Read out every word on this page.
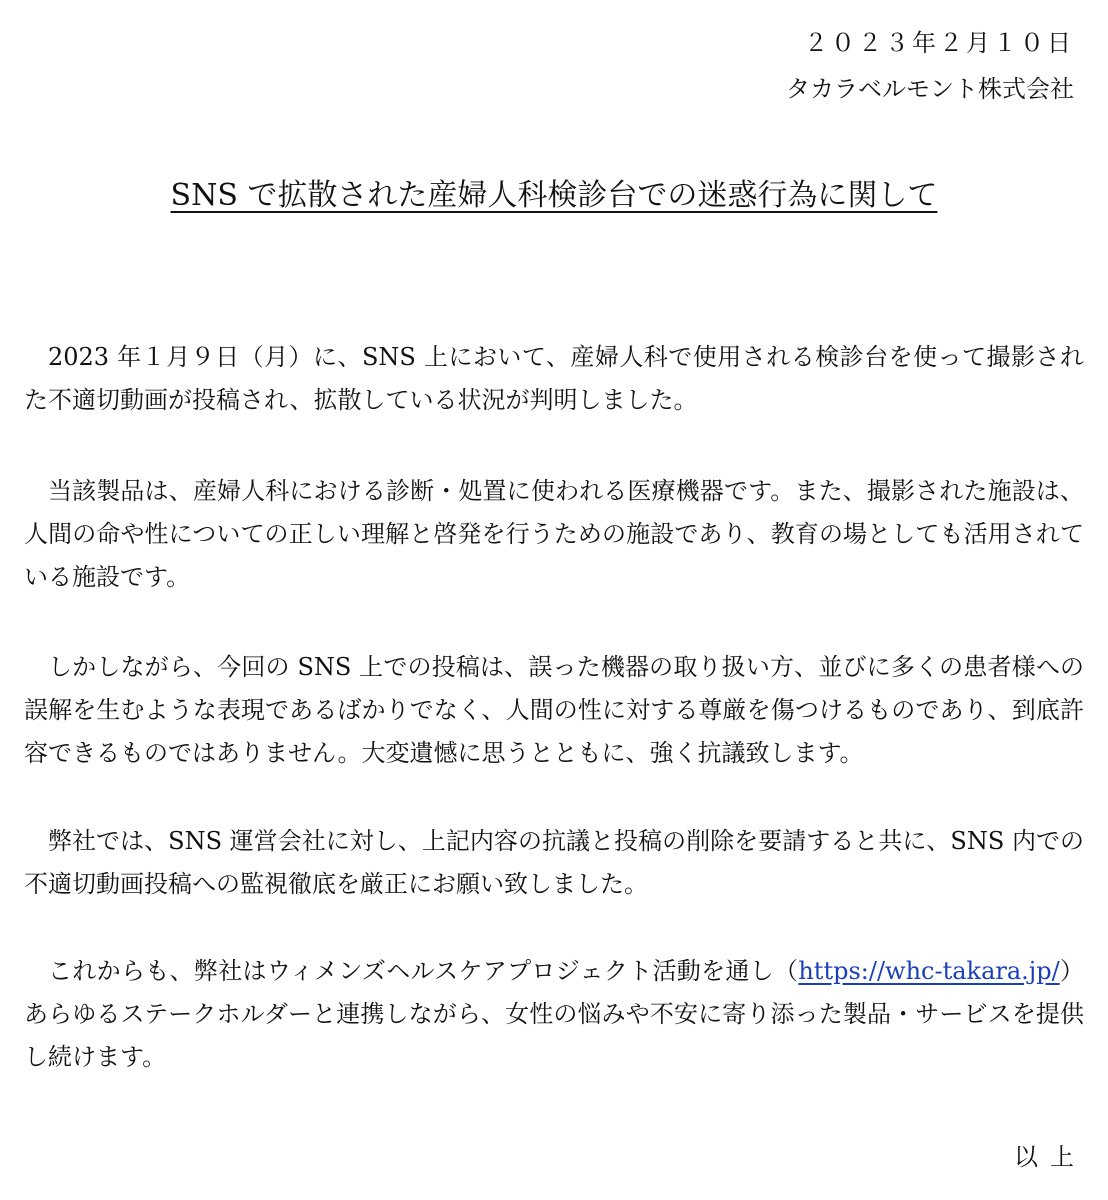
２０２３年２月１０日
タカラベルモント株式会社
SNS で拡散された産婦人科検診台での迷惑行為に関して

2023 年１月９日（月）に、SNS 上において、産婦人科で使用される検診台を使って撮影された不適切動画が投稿され、拡散している状況が判明しました。

当該製品は、産婦人科における診断・処置に使われる医療機器です。また、撮影された施設は、人間の命や性についての正しい理解と啓発を行うための施設であり、教育の場としても活用されている施設です。

しかしながら、今回の SNS 上での投稿は、誤った機器の取り扱い方、並びに多くの患者様への誤解を生むような表現であるばかりでなく、人間の性に対する尊厳を傷つけるものであり、到底許容できるものではありません。大変遺憾に思うとともに、強く抗議致します。

弊社では、SNS 運営会社に対し、上記内容の抗議と投稿の削除を要請すると共に、SNS 内での不適切動画投稿への監視徹底を厳正にお願い致しました。

これからも、弊社はウィメンズヘルスケアプロジェクト活動を通し（https://whc-takara.jp/）あらゆるステークホルダーと連携しながら、女性の悩みや不安に寄り添った製品・サービスを提供し続けます。

以上
